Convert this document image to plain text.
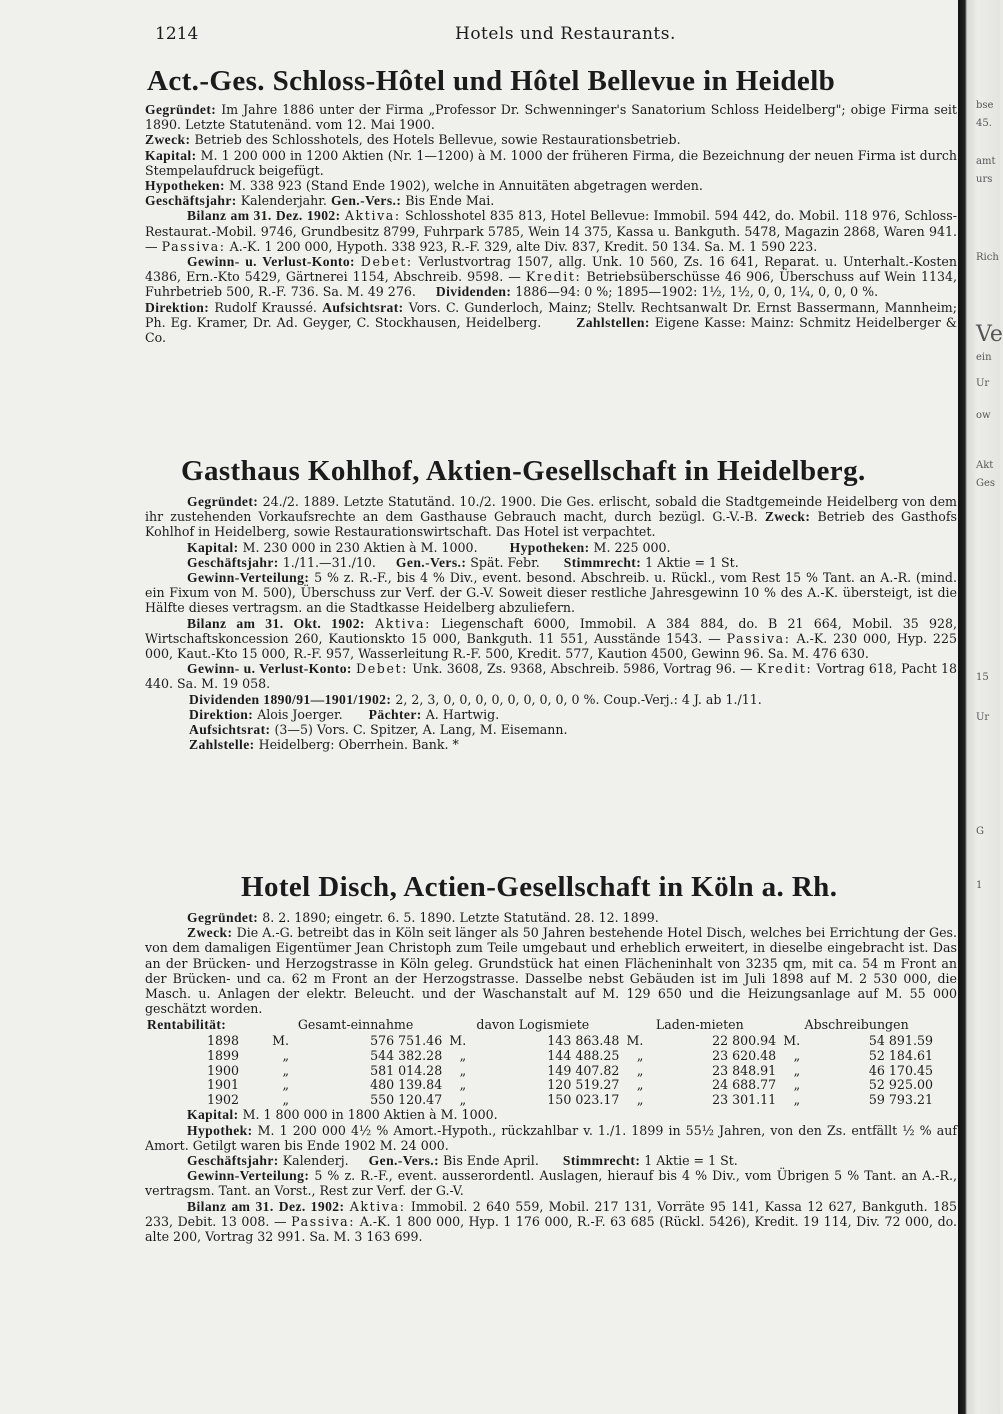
1214	Hotels und Restaurants.
Act.-Ges. Schloss-Hôtel und Hôtel Bellevue in Heidelb
Gegründet: Im Jahre 1886 unter der Firma „Professor Dr. Schwenninger's Sanatorium Schloss Heidelberg"; obige Firma seit 1890. Letzte Statutenänd. vom 12. Mai 1900.
Zweck: Betrieb des Schlosshotels, des Hotels Bellevue, sowie Restaurationsbetrieb.
Kapital: M. 1 200 000 in 1200 Aktien (Nr. 1—1200) à M. 1000 der früheren Firma, die Bezeichnung der neuen Firma ist durch Stempelaufdruck beigefügt.
Hypotheken: M. 338 923 (Stand Ende 1902), welche in Annuitäten abgetragen werden.
Geschäftsjahr: Kalenderjahr. Gen.-Vers.: Bis Ende Mai.
Bilanz am 31. Dez. 1902: Aktiva: Schlosshotel 835 813, Hotel Bellevue: Immobil. 594 442, do. Mobil. 118 976, Schloss-Restaurat.-Mobil. 9746, Grundbesitz 8799, Fuhrpark 5785, Wein 14 375, Kassa u. Bankguth. 5478, Magazin 2868, Waren 941. — Passiva: A.-K. 1 200 000, Hypoth. 338 923, R.-F. 329, alte Div. 837, Kredit. 50 134. Sa. M. 1 590 223.
Gewinn- u. Verlust-Konto: Debet: Verlustvortrag 1507, allg. Unk. 10 560, Zs. 16 641, Reparat. u. Unterhalt.-Kosten 4386, Ern.-Kto 5429, Gärtnerei 1154, Abschreib. 9598. — Kredit: Betriebsüberschüsse 46 906, Überschuss auf Wein 1134, Fuhrbetrieb 500, R.-F. 736. Sa. M. 49 276. Dividenden: 1886—94: 0 %; 1895—1902: 1½, 1½, 0, 0, 1¼, 0, 0, 0 %.
Direktion: Rudolf Kraussé. Aufsichtsrat: Vors. C. Gunderloch, Mainz; Stellv. Rechtsanwalt Dr. Ernst Bassermann, Mannheim; Ph. Eg. Kramer, Dr. Ad. Geyger, C. Stockhausen, Heidelberg.	Zahlstellen: Eigene Kasse: Mainz: Schmitz Heidelberger & Co.
Gasthaus Kohlhof, Aktien-Gesellschaft in Heidelberg.
Gegründet: 24./2. 1889. Letzte Statutänd. 10./2. 1900. Die Ges. erlischt, sobald die Stadtgemeinde Heidelberg von dem ihr zustehenden Vorkaufsrechte an dem Gasthause Gebrauch macht, durch bezügl. G.-V.-B. Zweck: Betrieb des Gasthofs Kohlhof in Heidelberg, sowie Restaurationswirtschaft. Das Hotel ist verpachtet.
Kapital: M. 230 000 in 230 Aktien à M. 1000. Hypotheken: M. 225 000.
Geschäftsjahr: 1./11.—31./10. Gen.-Vers.: Spät. Febr. Stimmrecht: 1 Aktie = 1 St.
Gewinn-Verteilung: 5 % z. R.-F., bis 4 % Div., event. besond. Abschreib. u. Rückl., vom Rest 15 % Tant. an A.-R. (mind. ein Fixum von M. 500), Überschuss zur Verf. der G.-V. Soweit dieser restliche Jahresgewinn 10 % des A.-K. übersteigt, ist die Hälfte dieses vertragsm. an die Stadtkasse Heidelberg abzuliefern.
Bilanz am 31. Okt. 1902: Aktiva: Liegenschaft 6000, Immobil. A 384 884, do. B 21 664, Mobil. 35 928, Wirtschaftskoncession 260, Kautionskto 15 000, Bankguth. 11 551, Ausstände 1543. — Passiva: A.-K. 230 000, Hyp. 225 000, Kaut.-Kto 15 000, R.-F. 957, Wasserleitung R.-F. 500, Kredit. 577, Kaution 4500, Gewinn 96. Sa. M. 476 630.
Gewinn- u. Verlust-Konto: Debet: Unk. 3608, Zs. 9368, Abschreib. 5986, Vortrag 96. — Kredit: Vortrag 618, Pacht 18 440. Sa. M. 19 058.
Dividenden 1890/91—1901/1902: 2, 2, 3, 0, 0, 0, 0, 0, 0, 0, 0, 0 %. Coup.-Verj.: 4 J. ab 1./11.
Direktion: Alois Joerger. Pächter: A. Hartwig.
Aufsichtsrat: (3—5) Vors. C. Spitzer, A. Lang, M. Eisemann.
Zahlstelle: Heidelberg: Oberrhein. Bank. *
Hotel Disch, Actien-Gesellschaft in Köln a. Rh.
Gegründet: 8. 2. 1890; eingetr. 6. 5. 1890. Letzte Statutänd. 28. 12. 1899.
Zweck: Die A.-G. betreibt das in Köln seit länger als 50 Jahren bestehende Hotel Disch, welches bei Errichtung der Ges. von dem damaligen Eigentümer Jean Christoph zum Teile umgebaut und erheblich erweitert, in dieselbe eingebracht ist. Das an der Brücken- und Herzogstrasse in Köln geleg. Grundstück hat einen Flächeninhalt von 3235 qm, mit ca. 54 m Front an der Brücken- und ca. 62 m Front an der Herzogstrasse. Dasselbe nebst Gebäuden ist im Juli 1898 auf M. 2 530 000, die Masch. u. Anlagen der elektr. Beleucht. und der Waschanstalt auf M. 129 650 und die Heizungsanlage auf M. 55 000 geschätzt worden.
Rentabilität:	Gesamt-einnahme		davon Logismiete		Laden-mieten		Abschreibungen	
1898	M.	576 751.46	M.	143 863.48	M.	22 800.94	M.	54 891.59
1899	„	544 382.28	„	144 488.25	„	23 620.48	„	52 184.61
1900	„	581 014.28	„	149 407.82	„	23 848.91	„	46 170.45
1901	„	480 139.84	„	120 519.27	„	24 688.77	„	52 925.00
1902	„	550 120.47	„	150 023.17	„	23 301.11	„	59 793.21
Kapital: M. 1 800 000 in 1800 Aktien à M. 1000.
Hypothek: M. 1 200 000 4½ % Amort.-Hypoth., rückzahlbar v. 1./1. 1899 in 55½ Jahren, von den Zs. entfällt ½ % auf Amort. Getilgt waren bis Ende 1902 M. 24 000.
Geschäftsjahr: Kalenderj. Gen.-Vers.: Bis Ende April. Stimmrecht: 1 Aktie = 1 St.
Gewinn-Verteilung: 5 % z. R.-F., event. ausserordentl. Auslagen, hierauf bis 4 % Div., vom Übrigen 5 % Tant. an A.-R., vertragsm. Tant. an Vorst., Rest zur Verf. der G.-V.
Bilanz am 31. Dez. 1902: Aktiva: Immobil. 2 640 559, Mobil. 217 131, Vorräte 95 141, Kassa 12 627, Bankguth. 185 233, Debit. 13 008. — Passiva: A.-K. 1 800 000, Hyp. 1 176 000, R.-F. 63 685 (Rückl. 5426), Kredit. 19 114, Div. 72 000, do. alte 200, Vortrag 32 991. Sa. M. 3 163 699.
bse
45.
amt
urs
Rich
Ve
ein
Ur
Akt
Ges
ow
15
Ur
G
1
